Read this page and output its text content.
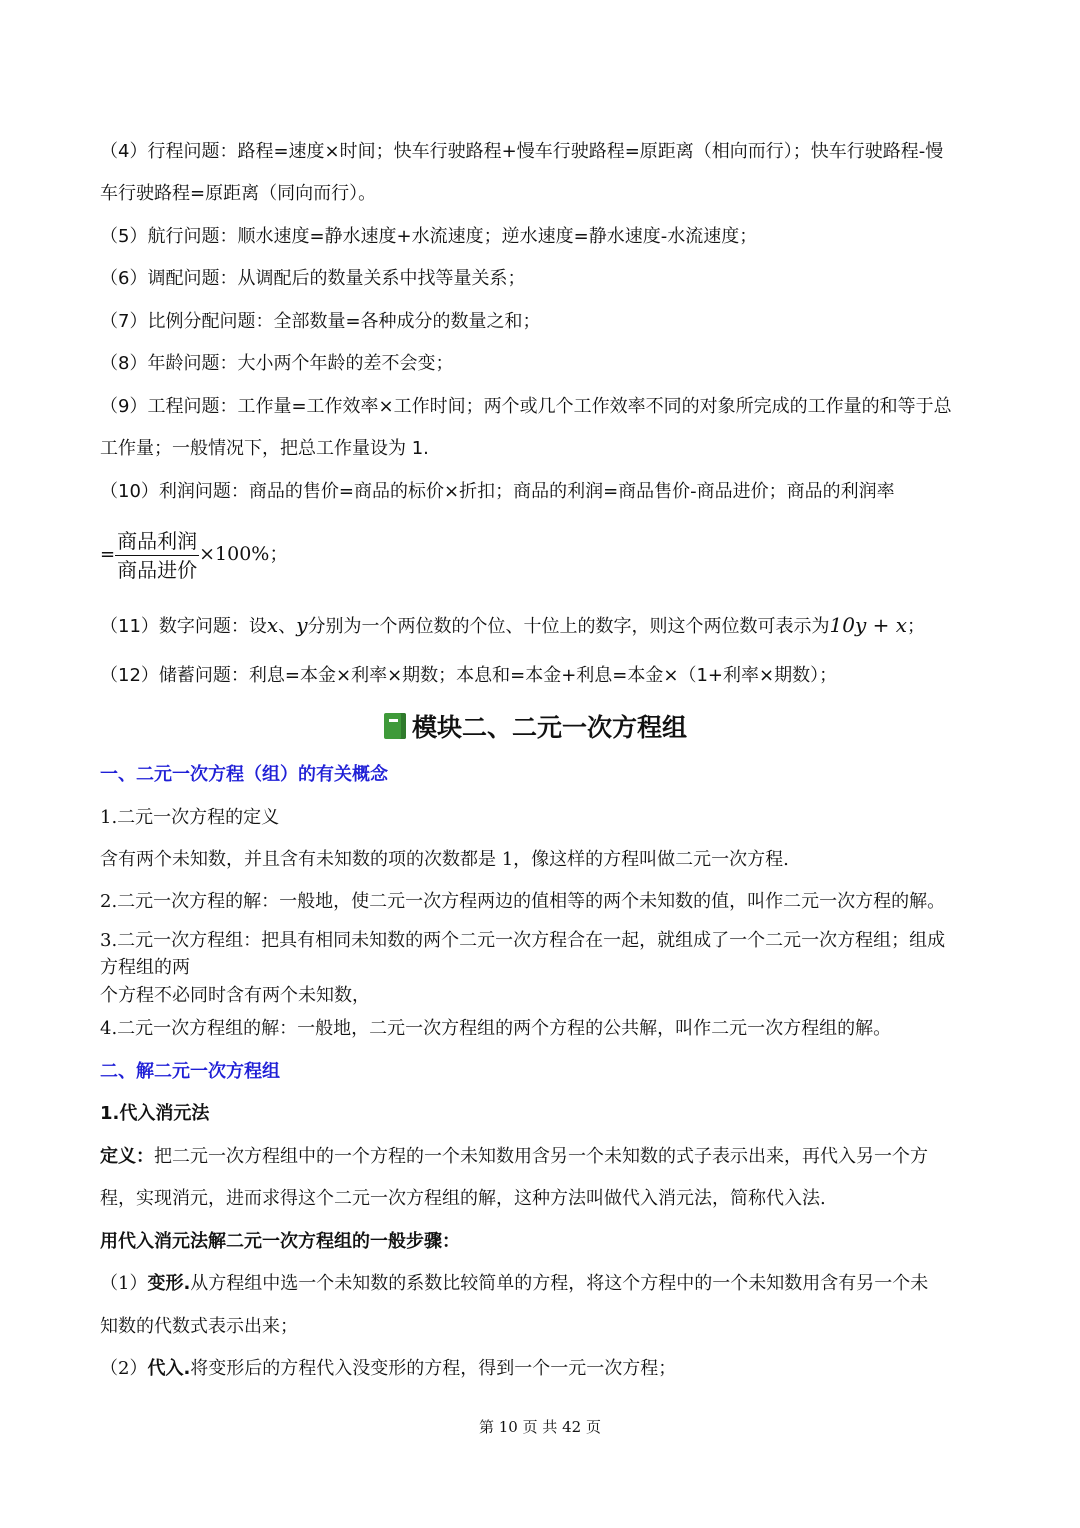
（4）行程问题：路程=速度×时间；快车行驶路程+慢车行驶路程=原距离（相向而行）；快车行驶路程-慢

车行驶路程=原距离（同向而行）。

（5）航行问题：顺水速度=静水速度+水流速度；逆水速度=静水速度-水流速度；

（6）调配问题：从调配后的数量关系中找等量关系；

（7）比例分配问题：全部数量=各种成分的数量之和；

（8）年龄问题：大小两个年龄的差不会变；

（9）工程问题：工作量=工作效率×工作时间；两个或几个工作效率不同的对象所完成的工作量的和等于总

工作量；一般情况下，把总工作量设为 1.

（10）利润问题：商品的售价=商品的标价×折扣；商品的利润=商品售价-商品进价；商品的利润率

= $\frac{\text{商品利润}}{\text{商品进价}} \times 100\%$；

（11）数字问题：设x、y分别为一个两位数的个位、十位上的数字，则这个两位数可表示为10y + x；

（12）储蓄问题：利息=本金×利率×期数；本息和=本金+利息=本金×（1+利率×期数）；

模块二、二元一次方程组

一、二元一次方程（组）的有关概念

1.二元一次方程的定义

含有两个未知数，并且含有未知数的项的次数都是 1，像这样的方程叫做二元一次方程.

2.二元一次方程的解：一般地，使二元一次方程两边的值相等的两个未知数的值，叫作二元一次方程的解。

3.二元一次方程组：把具有相同未知数的两个二元一次方程合在一起，就组成了一个二元一次方程组；组成

方程组的两

个方程不必同时含有两个未知数，

4.二元一次方程组的解：一般地，二元一次方程组的两个方程的公共解，叫作二元一次方程组的解。

二、解二元一次方程组

1.代入消元法

定义：把二元一次方程组中的一个方程的一个未知数用含另一个未知数的式子表示出来，再代入另一个方

程，实现消元，进而求得这个二元一次方程组的解，这种方法叫做代入消元法，简称代入法.

用代入消元法解二元一次方程组的一般步骤：

（1）变形.从方程组中选一个未知数的系数比较简单的方程，将这个方程中的一个未知数用含有另一个未

知数的代数式表示出来；

（2）代入.将变形后的方程代入没变形的方程，得到一个一元一次方程；

第 10 页 共 42 页
